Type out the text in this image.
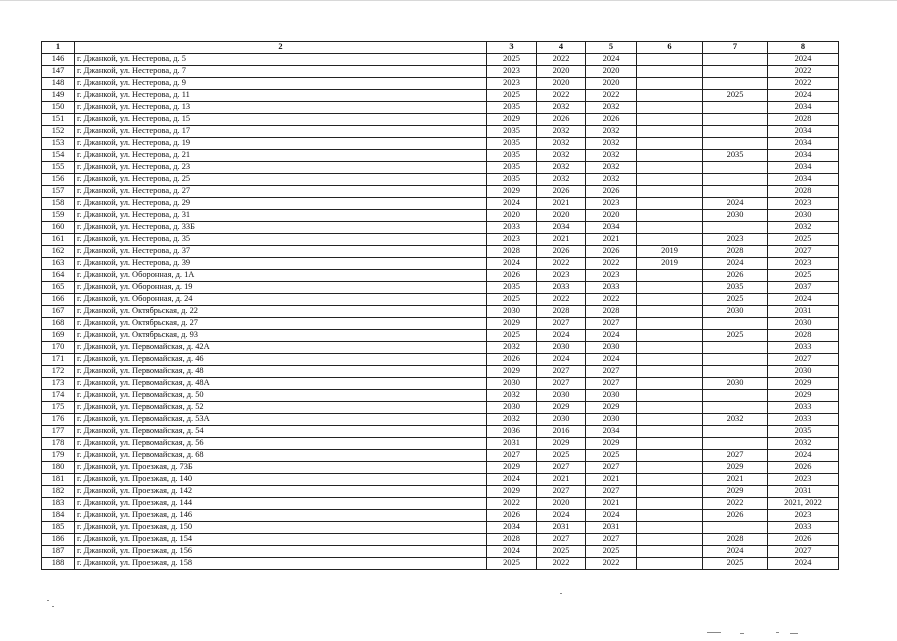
1	2	3	4	5	6	7	8
146	г. Джанкой, ул. Нестерова, д. 5	2025	2022	2024			2024
147	г. Джанкой, ул. Нестерова, д. 7	2023	2020	2020			2022
148	г. Джанкой, ул. Нестерова, д. 9	2023	2020	2020			2022
149	г. Джанкой, ул. Нестерова, д. 11	2025	2022	2022		2025	2024
150	г. Джанкой, ул. Нестерова, д. 13	2035	2032	2032			2034
151	г. Джанкой, ул. Нестерова, д. 15	2029	2026	2026			2028
152	г. Джанкой, ул. Нестерова, д. 17	2035	2032	2032			2034
153	г. Джанкой, ул. Нестерова, д. 19	2035	2032	2032			2034
154	г. Джанкой, ул. Нестерова, д. 21	2035	2032	2032		2035	2034
155	г. Джанкой, ул. Нестерова, д. 23	2035	2032	2032			2034
156	г. Джанкой, ул. Нестерова, д. 25	2035	2032	2032			2034
157	г. Джанкой, ул. Нестерова, д. 27	2029	2026	2026			2028
158	г. Джанкой, ул. Нестерова, д. 29	2024	2021	2023		2024	2023
159	г. Джанкой, ул. Нестерова, д. 31	2020	2020	2020		2030	2030
160	г. Джанкой, ул. Нестерова, д. 33Б	2033	2034	2034			2032
161	г. Джанкой, ул. Нестерова, д. 35	2023	2021	2021		2023	2025
162	г. Джанкой, ул. Нестерова, д. 37	2028	2026	2026	2019	2028	2027
163	г. Джанкой, ул. Нестерова, д. 39	2024	2022	2022	2019	2024	2023
164	г. Джанкой, ул. Оборонная, д. 1А	2026	2023	2023		2026	2025
165	г. Джанкой, ул. Оборонная, д. 19	2035	2033	2033		2035	2037
166	г. Джанкой, ул. Оборонная, д. 24	2025	2022	2022		2025	2024
167	г. Джанкой, ул. Октябрьская, д. 22	2030	2028	2028		2030	2031
168	г. Джанкой, ул. Октябрьская, д. 27	2029	2027	2027			2030
169	г. Джанкой, ул. Октябрьская, д. 93	2025	2024	2024		2025	2028
170	г. Джанкой, ул. Первомайская, д. 42А	2032	2030	2030			2033
171	г. Джанкой, ул. Первомайская, д. 46	2026	2024	2024			2027
172	г. Джанкой, ул. Первомайская, д. 48	2029	2027	2027			2030
173	г. Джанкой, ул. Первомайская, д. 48А	2030	2027	2027		2030	2029
174	г. Джанкой, ул. Первомайская, д. 50	2032	2030	2030			2029
175	г. Джанкой, ул. Первомайская, д. 52	2030	2029	2029			2033
176	г. Джанкой, ул. Первомайская, д. 53А	2032	2030	2030		2032	2033
177	г. Джанкой, ул. Первомайская, д. 54	2036	2016	2034			2035
178	г. Джанкой, ул. Первомайская, д. 56	2031	2029	2029			2032
179	г. Джанкой, ул. Первомайская, д. 68	2027	2025	2025		2027	2024
180	г. Джанкой, ул. Проезжая, д. 73Б	2029	2027	2027		2029	2026
181	г. Джанкой, ул. Проезжая, д. 140	2024	2021	2021		2021	2023
182	г. Джанкой, ул. Проезжая, д. 142	2029	2027	2027		2029	2031
183	г. Джанкой, ул. Проезжая, д. 144	2022	2020	2021		2022	2021, 2022
184	г. Джанкой, ул. Проезжая, д. 146	2026	2024	2024		2026	2023
185	г. Джанкой, ул. Проезжая, д. 150	2034	2031	2031			2033
186	г. Джанкой, ул. Проезжая, д. 154	2028	2027	2027		2028	2026
187	г. Джанкой, ул. Проезжая, д. 156	2024	2025	2025		2024	2027
188	г. Джанкой, ул. Проезжая, д. 158	2025	2022	2022		2025	2024
